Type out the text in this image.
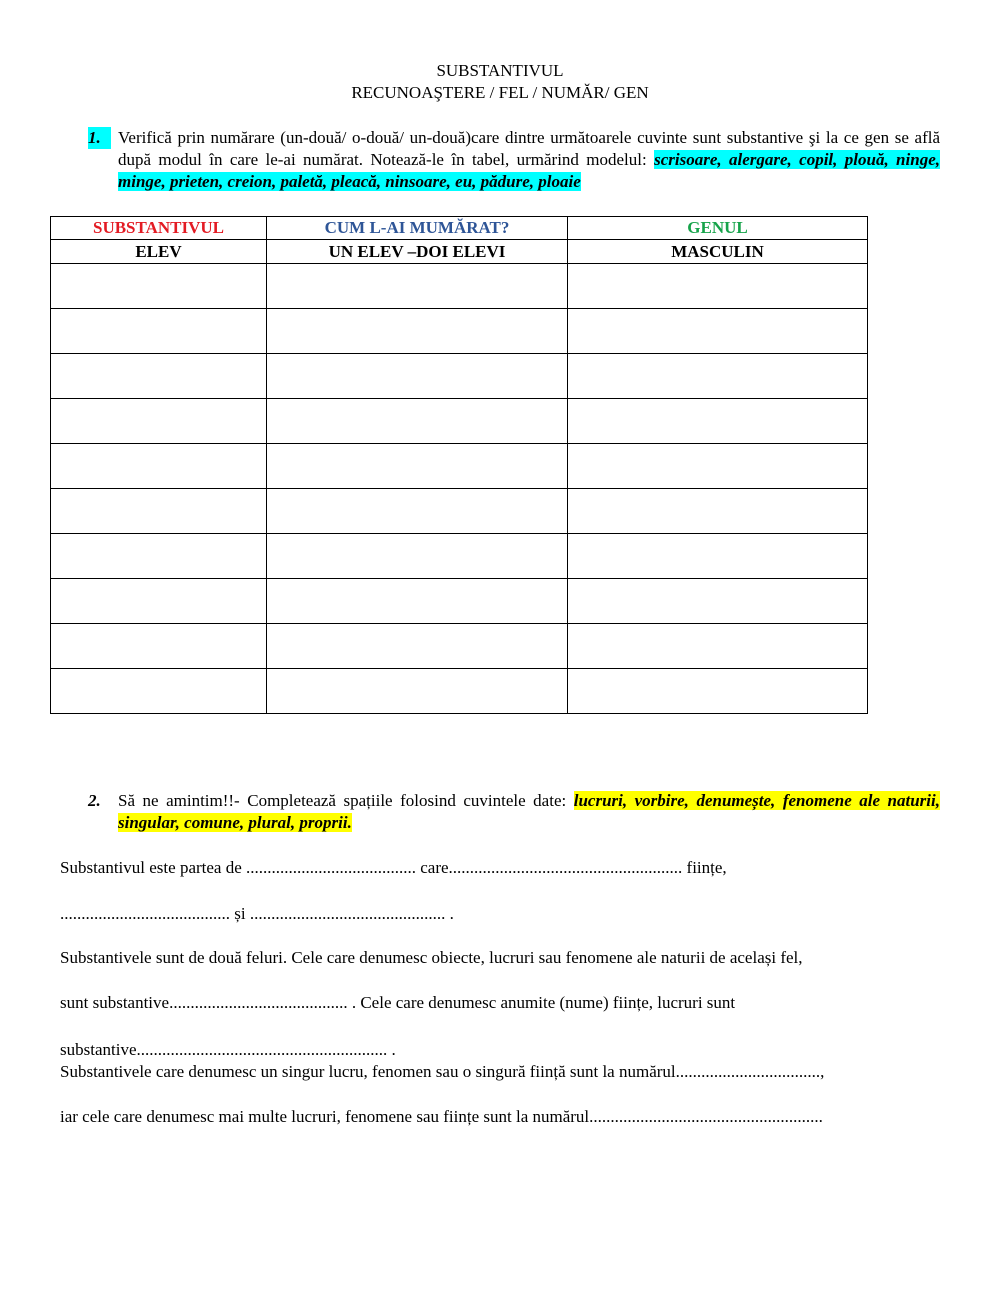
SUBSTANTIVUL
RECUNOAŞTERE / FEL / NUMĂR/ GEN
1.	Verifică prin numărare (un-două/ o-două/ un-două)care dintre următoarele cuvinte sunt substantive şi la ce gen se află după modul în care le-ai numărat. Notează-le în tabel, urmărind modelul: scrisoare, alergare, copil, plouă, ninge, minge, prieten, creion, paletă, pleacă, ninsoare, eu, pădure, ploaie
SUBSTANTIVUL	CUM L-AI MUMĂRAT?	GENUL
ELEV	UN ELEV –DOI ELEVI	MASCULIN

2. Să ne amintim!!- Completează spațiile folosind cuvintele date: lucruri, vorbire, denumește, fenomene ale naturii, singular, comune, plural, proprii.
Substantivul este partea de ........................................ care....................................................... ființe,
........................................ și .............................................. .
Substantivele sunt de două feluri. Cele care denumesc obiecte, lucruri sau fenomene ale naturii de același fel,
sunt substantive.......................................... . Cele care denumesc anumite (nume) ființe, lucruri sunt
substantive........................................................... .
Substantivele care denumesc un singur lucru, fenomen sau o singură ființă sunt la numărul..................................,
iar cele care denumesc mai multe lucruri, fenomene sau ființe sunt la numărul.......................................................
